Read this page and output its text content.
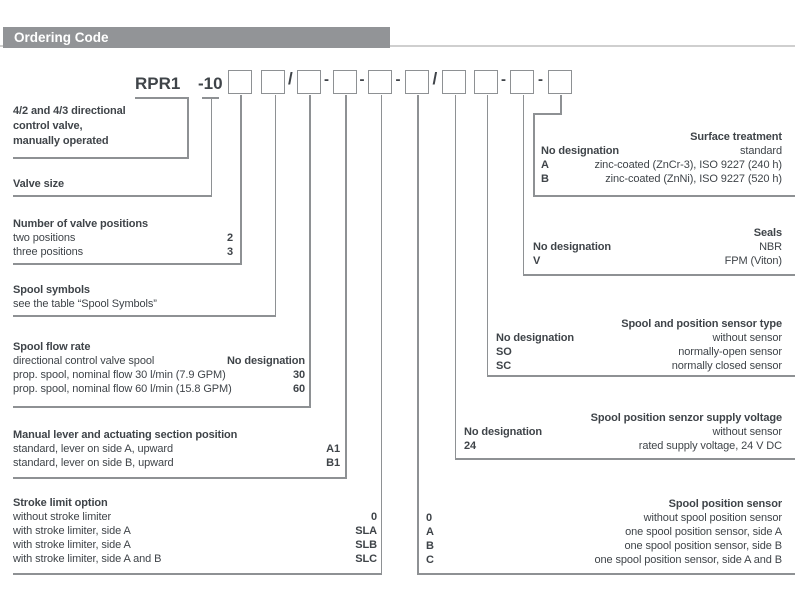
Ordering Code
RPR1 -10	/ - - - /	- -
4/2 and 4/3 directional
control valve,
manually operated
Valve size
Number of valve positions
two positions	2
three positions	3
Spool symbols
see the table “Spool Symbols”
Spool flow rate
directional control valve spool	No designation
prop. spool, nominal flow 30 l/min (7.9 GPM)	30
prop. spool, nominal flow 60 l/min (15.8 GPM)	60
Manual lever and actuating section position
standard, lever on side A, upward	A1
standard, lever on side B, upward	B1
Stroke limit option
without stroke limiter	0
with stroke limiter, side A	SLA
with stroke limiter, side A	SLB
with stroke limiter, side A and B	SLC
Surface treatment
No designation	standard
A	zinc-coated (ZnCr-3), ISO 9227 (240 h)
B	zinc-coated (ZnNi), ISO 9227 (520 h)
Seals
No designation	NBR
V	FPM (Viton)
Spool and position sensor type
No designation	without sensor
SO	normally-open sensor
SC	normally closed sensor
Spool position senzor supply voltage
No designation	without sensor
24	rated supply voltage, 24 V DC
Spool position sensor
0	without spool position sensor
A	one spool position sensor, side A
B	one spool position sensor, side B
C	one spool position sensor, side A and B
